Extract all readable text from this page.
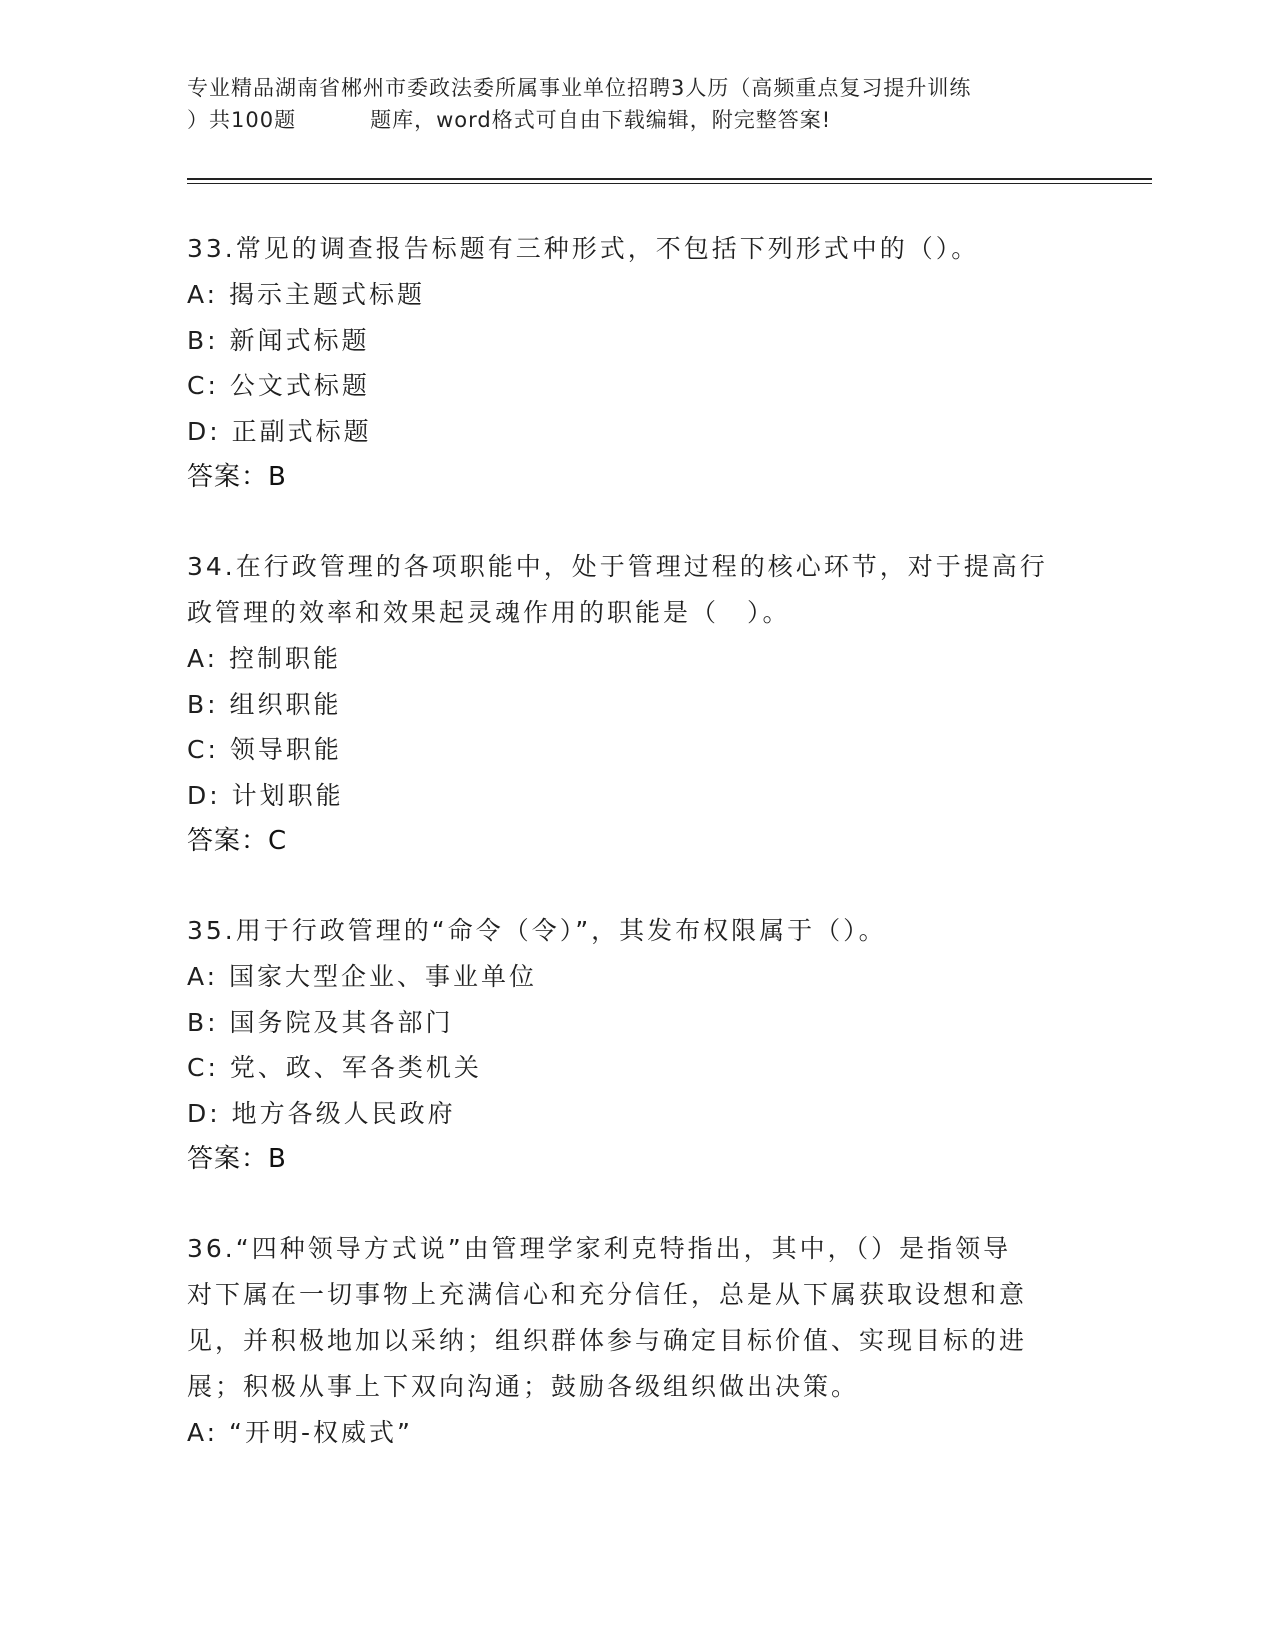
专业精品湖南省郴州市委政法委所属事业单位招聘3人历（高频重点复习提升训练
）共100题	题库，word格式可自由下载编辑，附完整答案!
33.常见的调查报告标题有三种形式，不包括下列形式中的（）。
A: 揭示主题式标题
B: 新闻式标题
C: 公文式标题
D: 正副式标题
答案：B
34.在行政管理的各项职能中，处于管理过程的核心环节，对于提高行
政管理的效率和效果起灵魂作用的职能是（　）。
A: 控制职能
B: 组织职能
C: 领导职能
D: 计划职能
答案：C
35.用于行政管理的“命令（令）”，其发布权限属于（）。
A: 国家大型企业、事业单位
B: 国务院及其各部门
C: 党、政、军各类机关
D: 地方各级人民政府
答案：B
36.“四种领导方式说”由管理学家利克特指出，其中，（）是指领导
对下属在一切事物上充满信心和充分信任，总是从下属获取设想和意
见，并积极地加以采纳；组织群体参与确定目标价值、实现目标的进
展；积极从事上下双向沟通；鼓励各级组织做出决策。
A: “开明-权威式”
